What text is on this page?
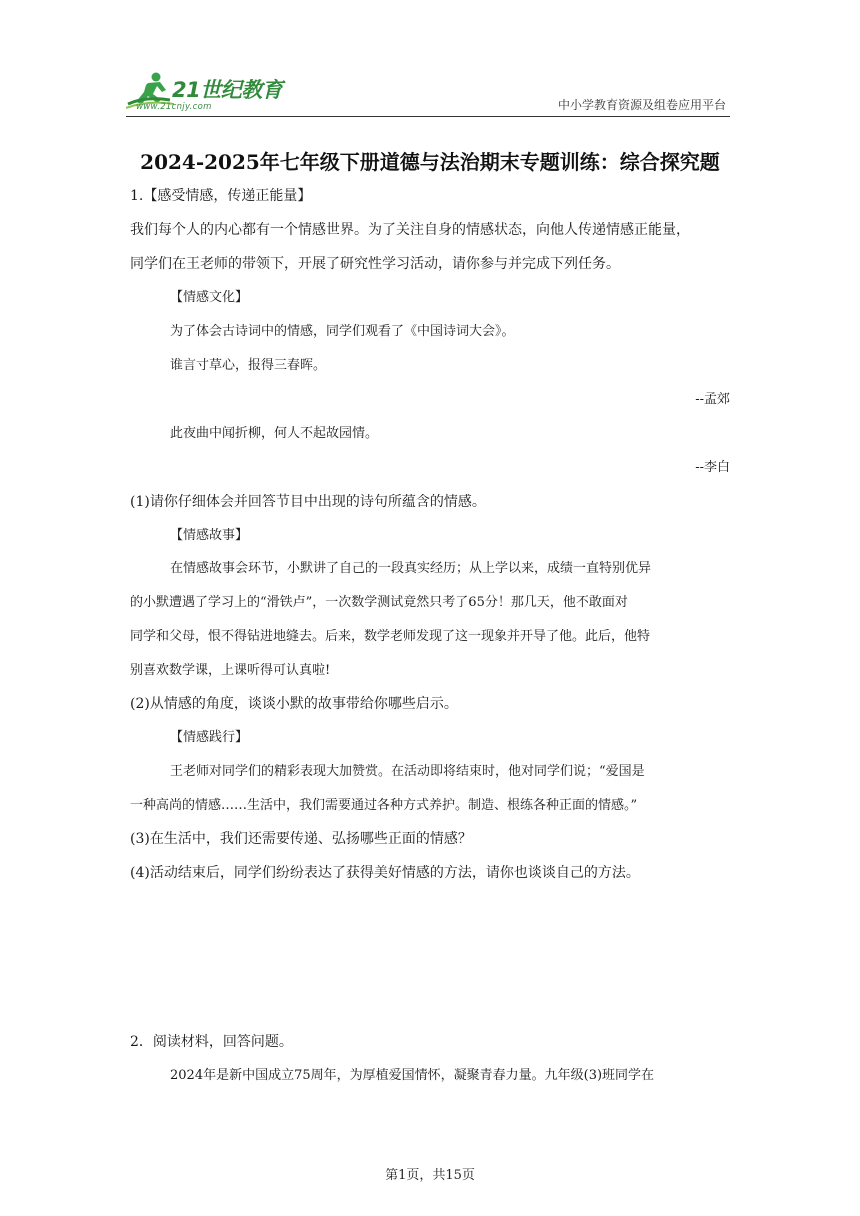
21世纪教育
www.21cnjy.com	中小学教育资源及组卷应用平台
2024-2025年七年级下册道德与法治期末专题训练：综合探究题
1.【感受情感，传递正能量】
我们每个人的内心都有一个情感世界。为了关注自身的情感状态，向他人传递情感正能量，
同学们在王老师的带领下，开展了研究性学习活动，请你参与并完成下列任务。
【情感文化】
为了体会古诗词中的情感，同学们观看了《中国诗词大会》。
谁言寸草心，报得三春晖。
--孟郊
此夜曲中闻折柳，何人不起故园情。
--李白
(1)请你仔细体会并回答节目中出现的诗句所蕴含的情感。
【情感故事】
在情感故事会环节，小默讲了自己的一段真实经历；从上学以来，成绩一直特别优异
的小默遭遇了学习上的“滑铁卢”，一次数学测试竟然只考了65分！那几天，他不敢面对
同学和父母，恨不得钻进地缝去。后来，数学老师发现了这一现象并开导了他。此后，他特
别喜欢数学课，上课听得可认真啦!
(2)从情感的角度，谈谈小默的故事带给你哪些启示。
【情感践行】
王老师对同学们的精彩表现大加赞赏。在活动即将结束时，他对同学们说；“爱国是
一种高尚的情感……生活中，我们需要通过各种方式养护。制造、根练各种正面的情感。”
(3)在生活中，我们还需要传递、弘扬哪些正面的情感？
(4)活动结束后，同学们纷纷表达了获得美好情感的方法，请你也谈谈自己的方法。
2．阅读材料，回答问题。
2024年是新中国成立75周年，为厚植爱国情怀，凝聚青春力量。九年级(3)班同学在
第1页，共15页
